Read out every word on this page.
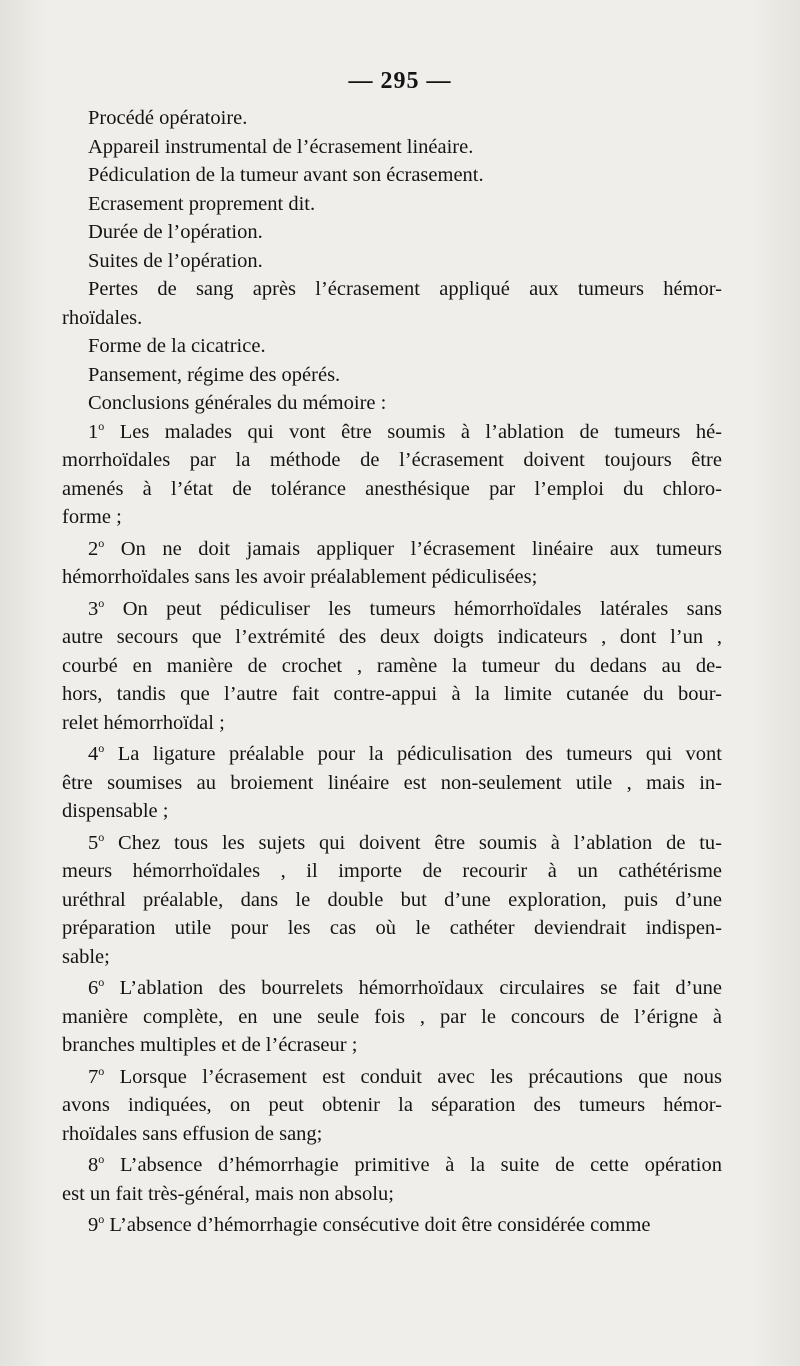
— 295 —
Procédé opératoire.
Appareil instrumental de l’écrasement linéaire.
Pédiculation de la tumeur avant son écrasement.
Ecrasement proprement dit.
Durée de l’opération.
Suites de l’opération.
Pertes de sang après l’écrasement appliqué aux tumeurs hémor-
rhoïdales.
Forme de la cicatrice.
Pansement, régime des opérés.
Conclusions générales du mémoire :
1$^o$ Les malades qui vont être soumis à l’ablation de tumeurs hé-
morrhoïdales par la méthode de l’écrasement doivent toujours être
amenés à l’état de tolérance anesthésique par l’emploi du chloro-
forme ;
2$^o$ On ne doit jamais appliquer l’écrasement linéaire aux tumeurs
hémorrhoïdales sans les avoir préalablement pédiculisées;
3$^o$ On peut pédiculiser les tumeurs hémorrhoïdales latérales sans
autre secours que l’extrémité des deux doigts indicateurs , dont l’un ,
courbé en manière de crochet , ramène la tumeur du dedans au de-
hors, tandis que l’autre fait contre-appui à la limite cutanée du bour-
relet hémorrhoïdal ;
4$^o$ La ligature préalable pour la pédiculisation des tumeurs qui vont
être soumises au broiement linéaire est non-seulement utile , mais in-
dispensable ;
5$^o$ Chez tous les sujets qui doivent être soumis à l’ablation de tu-
meurs hémorrhoïdales , il importe de recourir à un cathétérisme
uréthral préalable, dans le double but d’une exploration, puis d’une
préparation utile pour les cas où le cathéter deviendrait indispen-
sable;
6$^o$ L’ablation des bourrelets hémorrhoïdaux circulaires se fait d’une
manière complète, en une seule fois , par le concours de l’érigne à
branches multiples et de l’écraseur ;
7$^o$ Lorsque l’écrasement est conduit avec les précautions que nous
avons indiquées, on peut obtenir la séparation des tumeurs hémor-
rhoïdales sans effusion de sang;
8$^o$ L’absence d’hémorrhagie primitive à la suite de cette opération
est un fait très-général, mais non absolu;
9$^o$ L’absence d’hémorrhagie consécutive doit être considérée comme
